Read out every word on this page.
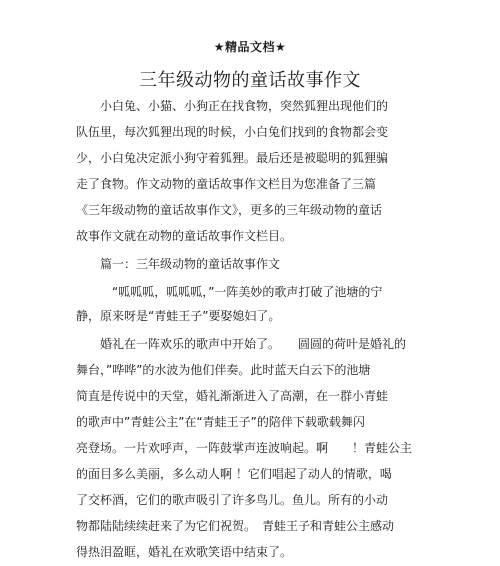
★精品文档★
三年级动物的童话故事作文
　　小白兔、小猫、小狗正在找食物，突然狐狸出现他们的
队伍里，每次狐狸出现的时候，小白兔们找到的食物都会变
少，小白兔决定派小狗守着狐狸。最后还是被聪明的狐狸骗
走了食物。作文动物的童话故事作文栏目为您准备了三篇
《三年级动物的童话故事作文》，更多的三年级动物的童话
故事作文就在动物的童话故事作文栏目。
　　篇一：三年级动物的童话故事作文
　　　“呱呱呱，呱呱呱，”一阵美妙的歌声打破了池塘的宁
静，原来呀是“青蛙王子”要娶媳妇了。
　　婚礼在一阵欢乐的歌声中开始了。　　圆圆的荷叶是婚礼的
舞台，”哗哗”的水波为他们伴奏。此时蓝天白云下的池塘
简直是传说中的天堂，婚礼渐渐进入了高潮，在一群小青蛙
的歌声中”青蛙公主”在“青蛙王子”的陪伴下载歌载舞闪
亮登场。一片欢呼声，一阵鼓掌声连波响起。啊　　！青蛙公主
的面目多么美丽，多么动人啊 ！它们唱起了动人的情歌，喝
了交杯酒，它们的歌声吸引了许多鸟儿。鱼儿。所有的小动
物都陆陆续续赶来了为它们祝贺。　青蛙王子和青蛙公主感动
得热泪盈眶，婚礼在欢歌笑语中结束了。
